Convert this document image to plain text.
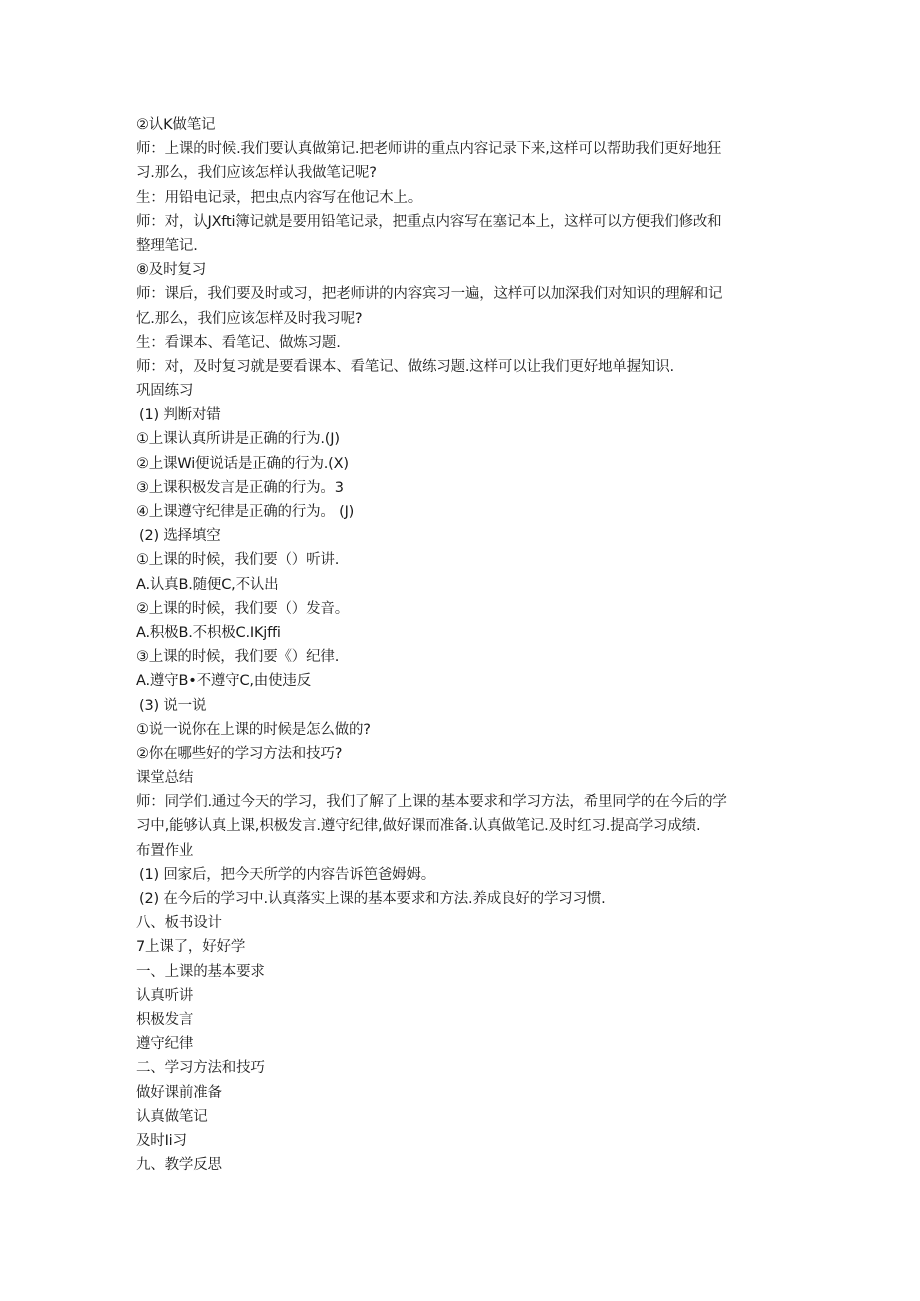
②认K做笔记
师：上课的时候.我们要认真做第记.把老师讲的重点内容记录下来,这样可以帮助我们更好地狂
习.那么，我们应该怎样认我做笔记呢?
生：用铅电记录，把虫点内容写在他记木上。
师：对，认JXfti簿记就是要用铅笔记录，把重点内容写在塞记本上，这样可以方便我们修改和
整理笔记.
⑧及时复习
师：课后，我们要及时或习，把老师讲的内容宾习一遍，这样可以加深我们对知识的理解和记
忆.那么，我们应该怎样及时我习呢?
生：看课本、看笔记、做炼习题.
师：对，及时复习就是要看课本、看笔记、做练习题.这样可以让我们更好地单握知识.
巩固练习
(1) 判断对错
①上课认真所讲是正确的行为.(J)
②上课Wi便说话是正确的行为.(X)
③上课积极发言是正确的行为。3
④上课遵守纪律是正确的行为。 (J)
(2) 选择填空
①上课的时候，我们要（）听讲.
A.认真B.随便C,不认出
②上课的时候，我们要（）发音。
A.积极B.不枳极C.IKjffi
③上课的时候，我们要《）纪律.
A.遵守B•不遵守C,由使违反
(3) 说一说
①说一说你在上课的时候是怎么做的?
②你在哪些好的学习方法和技巧?
课堂总结
师：同学们.通过今天的学习，我们了解了上课的基本要求和学习方法，希里同学的在今后的学
习中,能够认真上课,枳极发言.遵守纪律,做好课而准备.认真做笔记.及时红习.提高学习成绩.
布置作业
(1) 回家后，把今天所学的内容告诉笆爸姆姆。
(2) 在今后的学习中.认真落实上课的基本要求和方法.养成良好的学习习惯.
八、板书设计
7上课了，好好学
一、上课的基本要求
认真听讲
枳极发言
遵守纪律
二、学习方法和技巧
做好课前准备
认真做笔记
及时Ii习
九、教学反思
